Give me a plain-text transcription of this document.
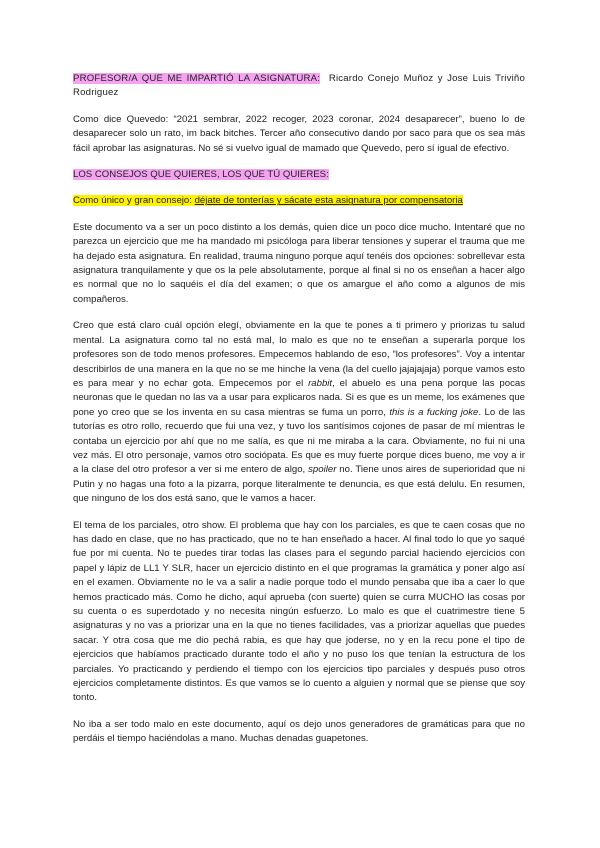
PROFESOR/A QUE ME IMPARTIÓ LA ASIGNATURA: Ricardo Conejo Muñoz y Jose Luis Triviño Rodriguez

Como dice Quevedo: “2021 sembrar, 2022 recoger, 2023 coronar, 2024 desaparecer”, bueno lo de desaparecer solo un rato, im back bitches. Tercer año consecutivo dando por saco para que os sea más fácil aprobar las asignaturas. No sé si vuelvo igual de mamado que Quevedo, pero sí igual de efectivo.

LOS CONSEJOS QUE QUIERES, LOS QUE TÚ QUIERES:

Como único y gran consejo: déjate de tonterías y sácate esta asignatura por compensatoria

Este documento va a ser un poco distinto a los demás, quien dice un poco dice mucho. Intentaré que no parezca un ejercicio que me ha mandado mi psicóloga para liberar tensiones y superar el trauma que me ha dejado esta asignatura. En realidad, trauma ninguno porque aquí tenéis dos opciones: sobrellevar esta asignatura tranquilamente y que os la pele absolutamente, porque al final si no os enseñan a hacer algo es normal que no lo saquéis el día del examen; o que os amargue el año como a algunos de mis compañeros.

Creo que está claro cuál opción elegí, obviamente en la que te pones a ti primero y priorizas tu salud mental. La asignatura como tal no está mal, lo malo es que no te enseñan a superarla porque los profesores son de todo menos profesores. Empecemos hablando de eso, “los profesores”. Voy a intentar describirlos de una manera en la que no se me hinche la vena (la del cuello jajajajaja) porque vamos esto es para mear y no echar gota. Empecemos por el rabbit, el abuelo es una pena porque las pocas neuronas que le quedan no las va a usar para explicaros nada. Si es que es un meme, los exámenes que pone yo creo que se los inventa en su casa mientras se fuma un porro, this is a fucking joke. Lo de las tutorías es otro rollo, recuerdo que fui una vez, y tuvo los santísimos cojones de pasar de mí mientras le contaba un ejercicio por ahí que no me salía, es que ni me miraba a la cara. Obviamente, no fui ni una vez más. El otro personaje, vamos otro sociópata. Es que es muy fuerte porque dices bueno, me voy a ir a la clase del otro profesor a ver si me entero de algo, spoiler no. Tiene unos aires de superioridad que ni Putin y no hagas una foto a la pizarra, porque literalmente te denuncia, es que está delulu. En resumen, que ninguno de los dos está sano, que le vamos a hacer.

El tema de los parciales, otro show. El problema que hay con los parciales, es que te caen cosas que no has dado en clase, que no has practicado, que no te han enseñado a hacer. Al final todo lo que yo saqué fue por mi cuenta. No te puedes tirar todas las clases para el segundo parcial haciendo ejercicios con papel y lápiz de LL1 Y SLR, hacer un ejercicio distinto en el que programas la gramática y poner algo así en el examen. Obviamente no le va a salir a nadie porque todo el mundo pensaba que iba a caer lo que hemos practicado más. Como he dicho, aquí aprueba (con suerte) quien se curra MUCHO las cosas por su cuenta o es superdotado y no necesita ningún esfuerzo. Lo malo es que el cuatrimestre tiene 5 asignaturas y no vas a priorizar una en la que no tienes facilidades, vas a priorizar aquellas que puedes sacar. Y otra cosa que me dio pechá rabia, es que hay que joderse, no y en la recu pone el tipo de ejercicios que habíamos practicado durante todo el año y no puso los que tenían la estructura de los parciales. Yo practicando y perdiendo el tiempo con los ejercicios tipo parciales y después puso otros ejercicios completamente distintos. Es que vamos se lo cuento a alguien y normal que se piense que soy tonto.

No iba a ser todo malo en este documento, aquí os dejo unos generadores de gramáticas para que no perdáis el tiempo haciéndolas a mano. Muchas denadas guapetones.
